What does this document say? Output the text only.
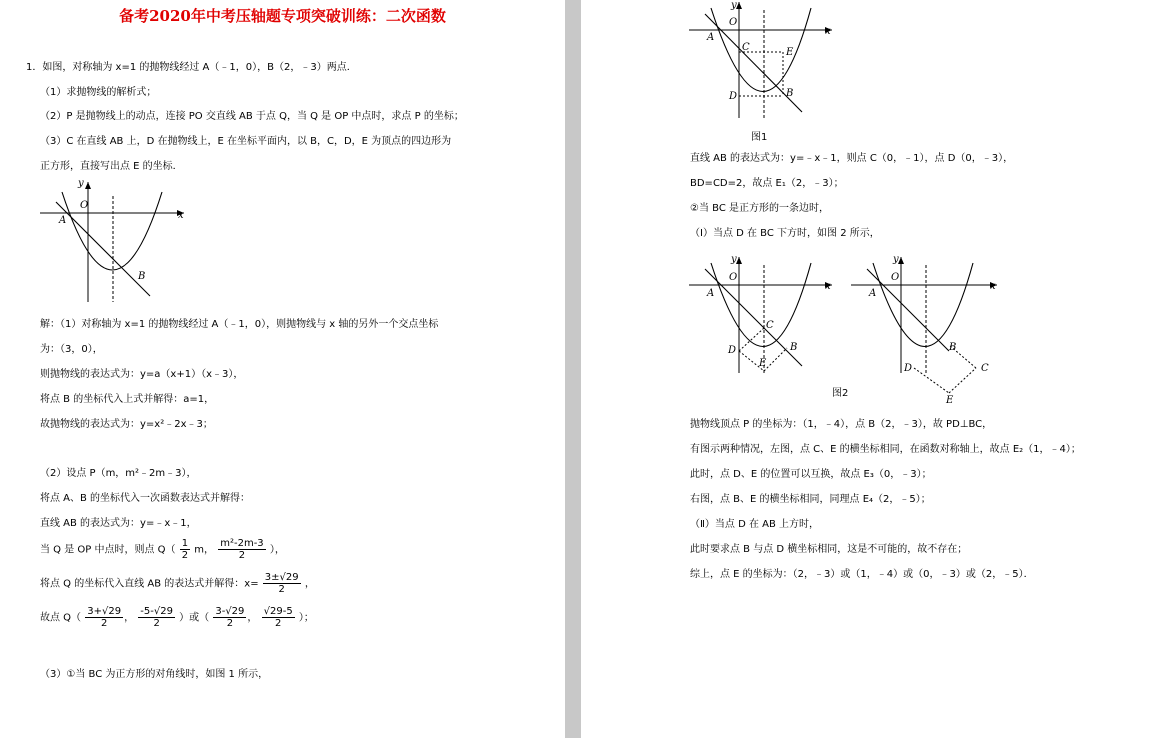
备考2020年中考压轴题专项突破训练：二次函数
1．如图，对称轴为 x=1 的抛物线经过 A（﹣1，0），B（2，﹣3）两点．
（1）求抛物线的解析式；
（2）P 是抛物线上的动点，连接 PO 交直线 AB 于点 Q，当 Q 是 OP 中点时，求点 P 的坐标；
（3）C 在直线 AB 上，D 在抛物线上，E 在坐标平面内，以 B，C，D，E 为顶点的四边形为
正方形，直接写出点 E 的坐标．
y
x
O
A
B
解：（1）对称轴为 x=1 的抛物线经过 A（﹣1，0），则抛物线与 x 轴的另外一个交点坐标
为：（3，0），
则抛物线的表达式为：y=a（x+1）（x﹣3），
将点 B 的坐标代入上式并解得：a=1，
故抛物线的表达式为：y=x²﹣2x﹣3；
（2）设点 P（m，m²﹣2m﹣3），
将点 A、B 的坐标代入一次函数表达式并解得：
直线 AB 的表达式为：y=﹣x﹣1，
当 Q 是 OP 中点时，则点 $Q( \frac{1}{2}$ m， $\frac{\text{m²-2m-3}}{2}$ ），
将点 Q 的坐标代入直线 AB 的表达式并解得：$x= \frac{3\pm√29}{2}$ ，
故点 $Q( \frac{3+√29}{2}$ ， $\frac{-5-√29}{2}$ ）或（ $\frac{3-√29}{2}$ ， $\frac{√29-5}{2}$ ）；
（3）①当 BC 为正方形的对角线时，如图 1 所示，
y
x
O
A
C	E
D	B
图1
直线 AB 的表达式为：y=﹣x﹣1，则点 C（0，﹣1），点 D（0，﹣3），
BD=CD=2，故点 E₁（2，﹣3）；
②当 BC 是正方形的一条边时，
（Ⅰ）当点 D 在 BC 下方时，如图 2 所示，
y
x
O
A
C
D	B
E
y
x
O
A
B
D	C
E
图2
抛物线顶点 P 的坐标为：（1，﹣4），点 B（2，﹣3），故 PD⊥BC，
有图示两种情况，左图，点 C、E 的横坐标相同，在函数对称轴上，故点 E₂（1，﹣4）；
此时，点 D、E 的位置可以互换，故点 E₃（0，﹣3）；
右图，点 B、E 的横坐标相同，同理点 E₄（2，﹣5）；
（Ⅱ）当点 D 在 AB 上方时，
此时要求点 B 与点 D 横坐标相同，这是不可能的，故不存在；
综上，点 E 的坐标为：（2，﹣3）或（1，﹣4）或（0，﹣3）或（2，﹣5）．
